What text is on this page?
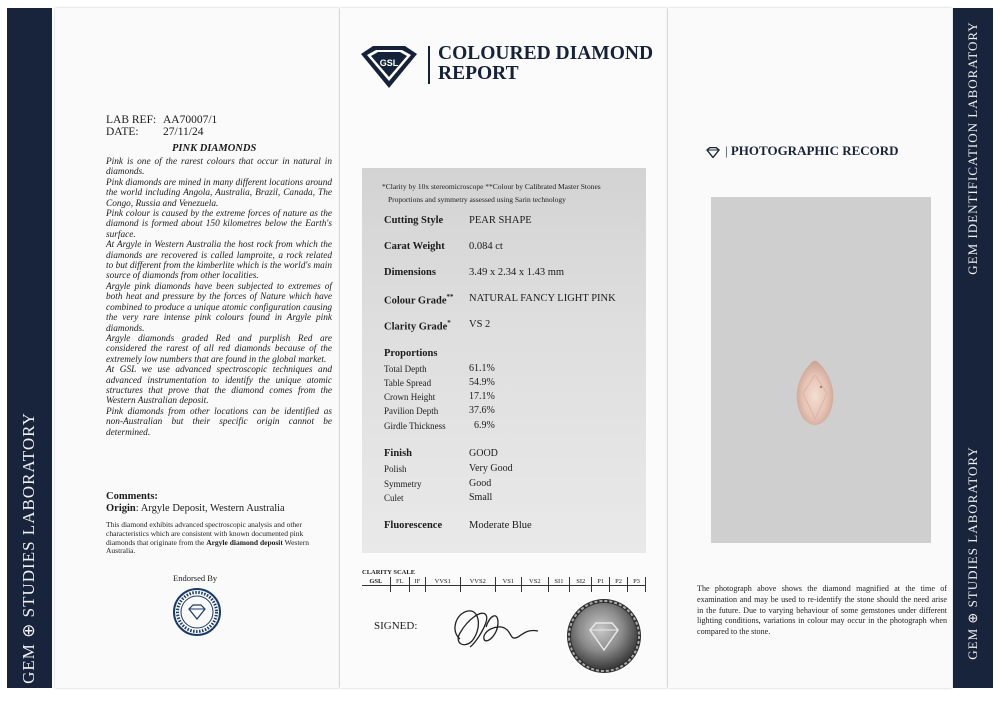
GEM ⊕ STUDIES LABORATORY
LAB REF: AA70007/1
DATE: 27/11/24
PINK DIAMONDS

Pink is one of the rarest colours that occur in natural in diamonds.

Pink diamonds are mined in many different locations around the world including Angola, Australia, Brazil, Canada, The Congo, Russia and Venezuela.

Pink colour is caused by the extreme forces of nature as the diamond is formed about 150 kilometres below the Earth's surface.

At Argyle in Western Australia the host rock from which the diamonds are recovered is called lamproite, a rock related to but different from the kimberlite which is the world's main source of diamonds from other localities.

Argyle pink diamonds have been subjected to extremes of both heat and pressure by the forces of Nature which have combined to produce a unique atomic configuration causing the very rare intense pink colours found in Argyle pink diamonds.

Argyle diamonds graded Red and purplish Red are considered the rarest of all red diamonds because of the extremely low numbers that are found in the global market.

At GSL we use advanced spectroscopic techniques and advanced instrumentation to identify the unique atomic structures that prove that the diamond comes from the Western Australian deposit.

Pink diamonds from other locations can be identified as non-Australian but their specific origin cannot be determined.

Comments:
Origin: Argyle Deposit, Western Australia
This diamond exhibits advanced spectroscopic analysis and other characteristics which are consistent with known documented pink diamonds that originate from the Argyle diamond deposit Western Australia.
Endorsed By
GSL COLOURED DIAMOND
REPORT
*Clarity by 10x stereomicroscope **Colour by Calibrated Master Stones
Proportions and symmetry assessed using Sarin technology
Cutting Style PEAR SHAPE
Carat Weight 0.084 ct
Dimensions	3.49 x 2.34 x 1.43 mm
Colour Grade** NATURAL FANCY LIGHT PINK
Clarity Grade* VS 2
Proportions
Total Depth	61.1%
Table Spread	54.9%
Crown Height	17.1%
Pavilion Depth	37.6%
Girdle Thickness	6.9%
Finish	GOOD
Polish	Very Good
Symmetry	Good
Culet	Small
Fluorescence	Moderate Blue
CLARITY SCALE
GSL	FL	IF	VVS1	VVS2	VS1	VS2	SI1	SI2	P1	P2	P3

SIGNED:
| PHOTOGRAPHIC RECORD
The photograph above shows the diamond magnified at the time of examination and may be used to re-identify the stone should the need arise in the future. Due to varying behaviour of some gemstones under different lighting conditions, variations in colour may occur in the photograph when compared to the stone.
GEM IDENTIFICATION LABORATORY
GEM ⊕ STUDIES LABORATORY
